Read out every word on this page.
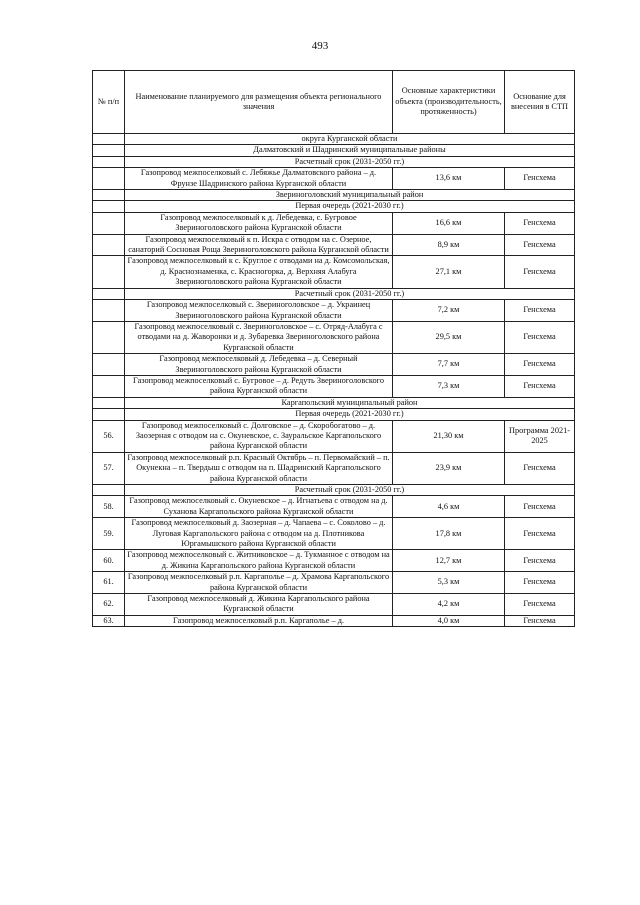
493
№ п/п	Наименование планируемого для размещения объекта регионального значения	Основные характеристики объекта (производительность, протяженность)	Основание для внесения в СТП
	округа Курганской области		
	Далматовский и Шадринский муниципальные районы		
	Расчетный срок (2031-2050 гг.)		
	Газопровод межпоселковый с. Лебяжье Далматовского района – д. Фрунзе Шадринского района Курганской области	13,6 км	Генсхема
	Звериноголовский муниципальный район		
	Первая очередь (2021-2030 гг.)		
	Газопровод межпоселковый к д. Лебедевка, с. Бугровое Звериноголовского района Курганской области	16,6 км	Генсхема
	Газопровод межпоселковый к п. Искра с отводом на с. Озерное, санаторий Сосновая Роща Звериноголовского района Курганской области	8,9 км	Генсхема
	Газопровод межпоселковый к с. Круглое с отводами на д. Комсомольская, д. Краснознаменка, с. Красногорка, д. Верхняя Алабуга Звериноголовского района Курганской области	27,1 км	Генсхема
	Расчетный срок (2031-2050 гг.)		
	Газопровод межпоселковый с. Звериноголовское – д. Украинец Звериноголовского района Курганской области	7,2 км	Генсхема
	Газопровод межпоселковый с. Звериноголовское – с. Отряд-Алабуга с отводами на д. Жаворонки и д. Зубаревка Звериноголовского района Курганской области	29,5 км	Генсхема
	Газопровод межпоселковый д. Лебедевка – д. Северный Звериноголовского района Курганской области	7,7 км	Генсхема
	Газопровод межпоселковый с. Бугровое – д. Редуть Звериноголовского района Курганской области	7,3 км	Генсхема
	Каргапольский муниципальный район		
	Первая очередь (2021-2030 гг.)		
56.	Газопровод межпоселковый с. Долговское – д. Скоробогатово – д. Заозерная с отводом на с. Окуневское, с. Зауральское Каргапольского района Курганской области	21,30 км	Программа 2021-2025
57.	Газопровод межпоселковый р.п. Красный Октябрь – п. Первомайский – п. Окунекна – п. Твердыш с отводом на п. Шадринский Каргапольского района Курганской области	23,9 км	Генсхема
	Расчетный срок (2031-2050 гг.)		
58.	Газопровод межпоселковый с. Окуневское – д. Игнатьева с отводом на д. Суханова Каргапольского района Курганской области	4,6 км	Генсхема
59.	Газопровод межпоселковый д. Заозерная – д. Чапаева – с. Соколово – д. Луговая Каргапольского района с отводом на д. Плотникова Юргамышского района Курганской области	17,8 км	Генсхема
60.	Газопровод межпоселковый с. Житниковское – д. Тукманное с отводом на д. Жикина Каргапольского района Курганской области	12,7 км	Генсхема
61.	Газопровод межпоселковый р.п. Каргаполье – д. Храмова Каргапольского района Курганской области	5,3 км	Генсхема
62.	Газопровод межпоселковый д. Жикина Каргапольского района Курганской области	4,2 км	Генсхема
63.	Газопровод межпоселковый р.п. Каргаполье – д.	4,0 км	Генсхема
